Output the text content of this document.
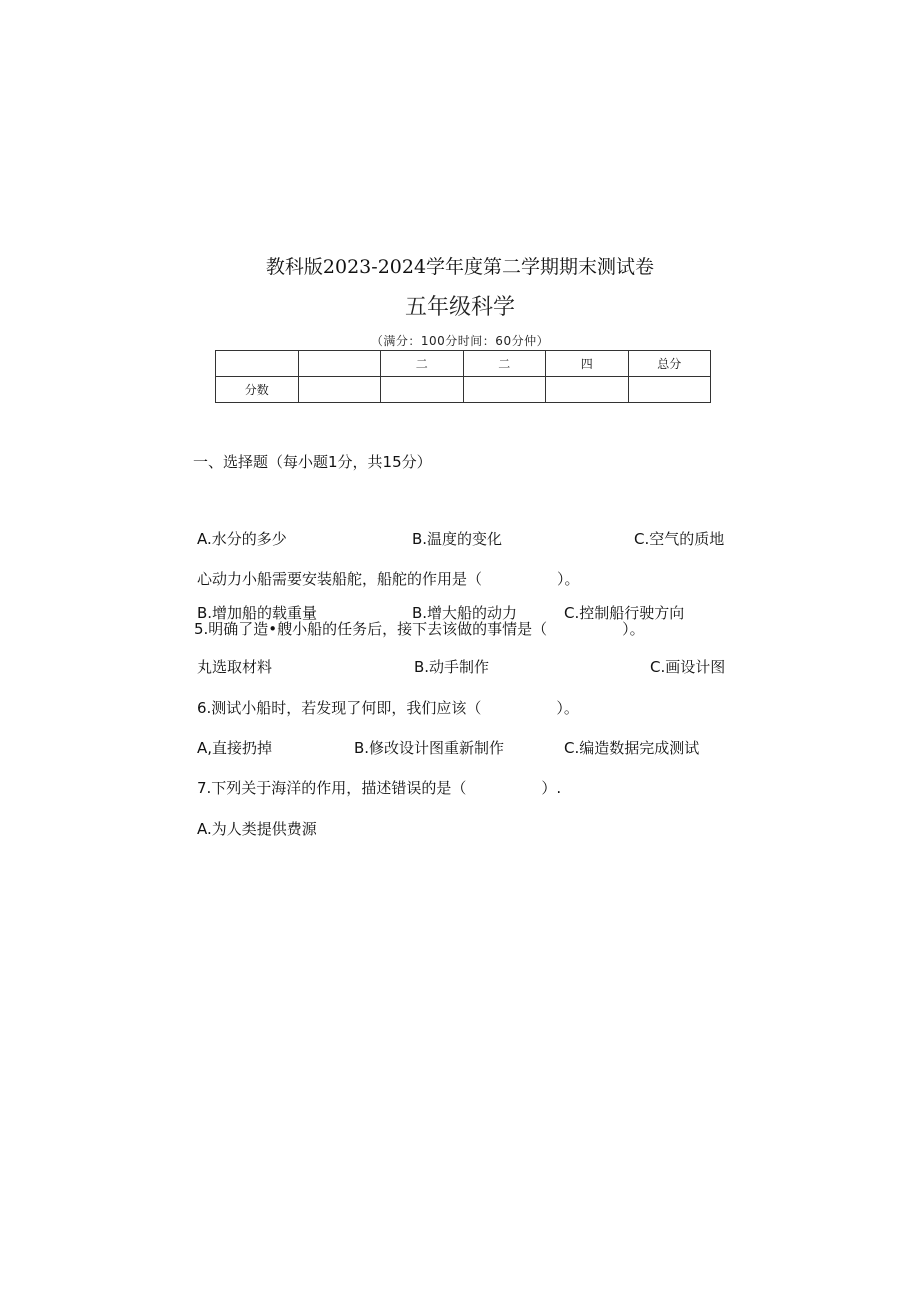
教科版2023-2024学年度第二学期期末测试卷
五年级科学
（满分：100分时间：60分仲）
		二	二	四	总分
分数					
一、选择题（每小题1分，共15分）
A.水分的多少	B.温度的变化	C.空气的质地
心动力小船需要安装船舵，船舵的作用是（　　　　　）。
B.增加船的载重量	B.增大船的动力	C.控制船行驶方向
5.明确了造•艘小船的任务后，接下去该做的事情是（　　　　　）。
丸选取材料	B.动手制作	C.画设计图
6.测试小船时，若发现了何即，我们应该（　　　　　）。
A,直接扔掉	B.修改设计图重新制作	C.编造数据完成测试
7.下列关于海洋的作用，描述错误的是（　　　　　）.
A.为人类提供费源
